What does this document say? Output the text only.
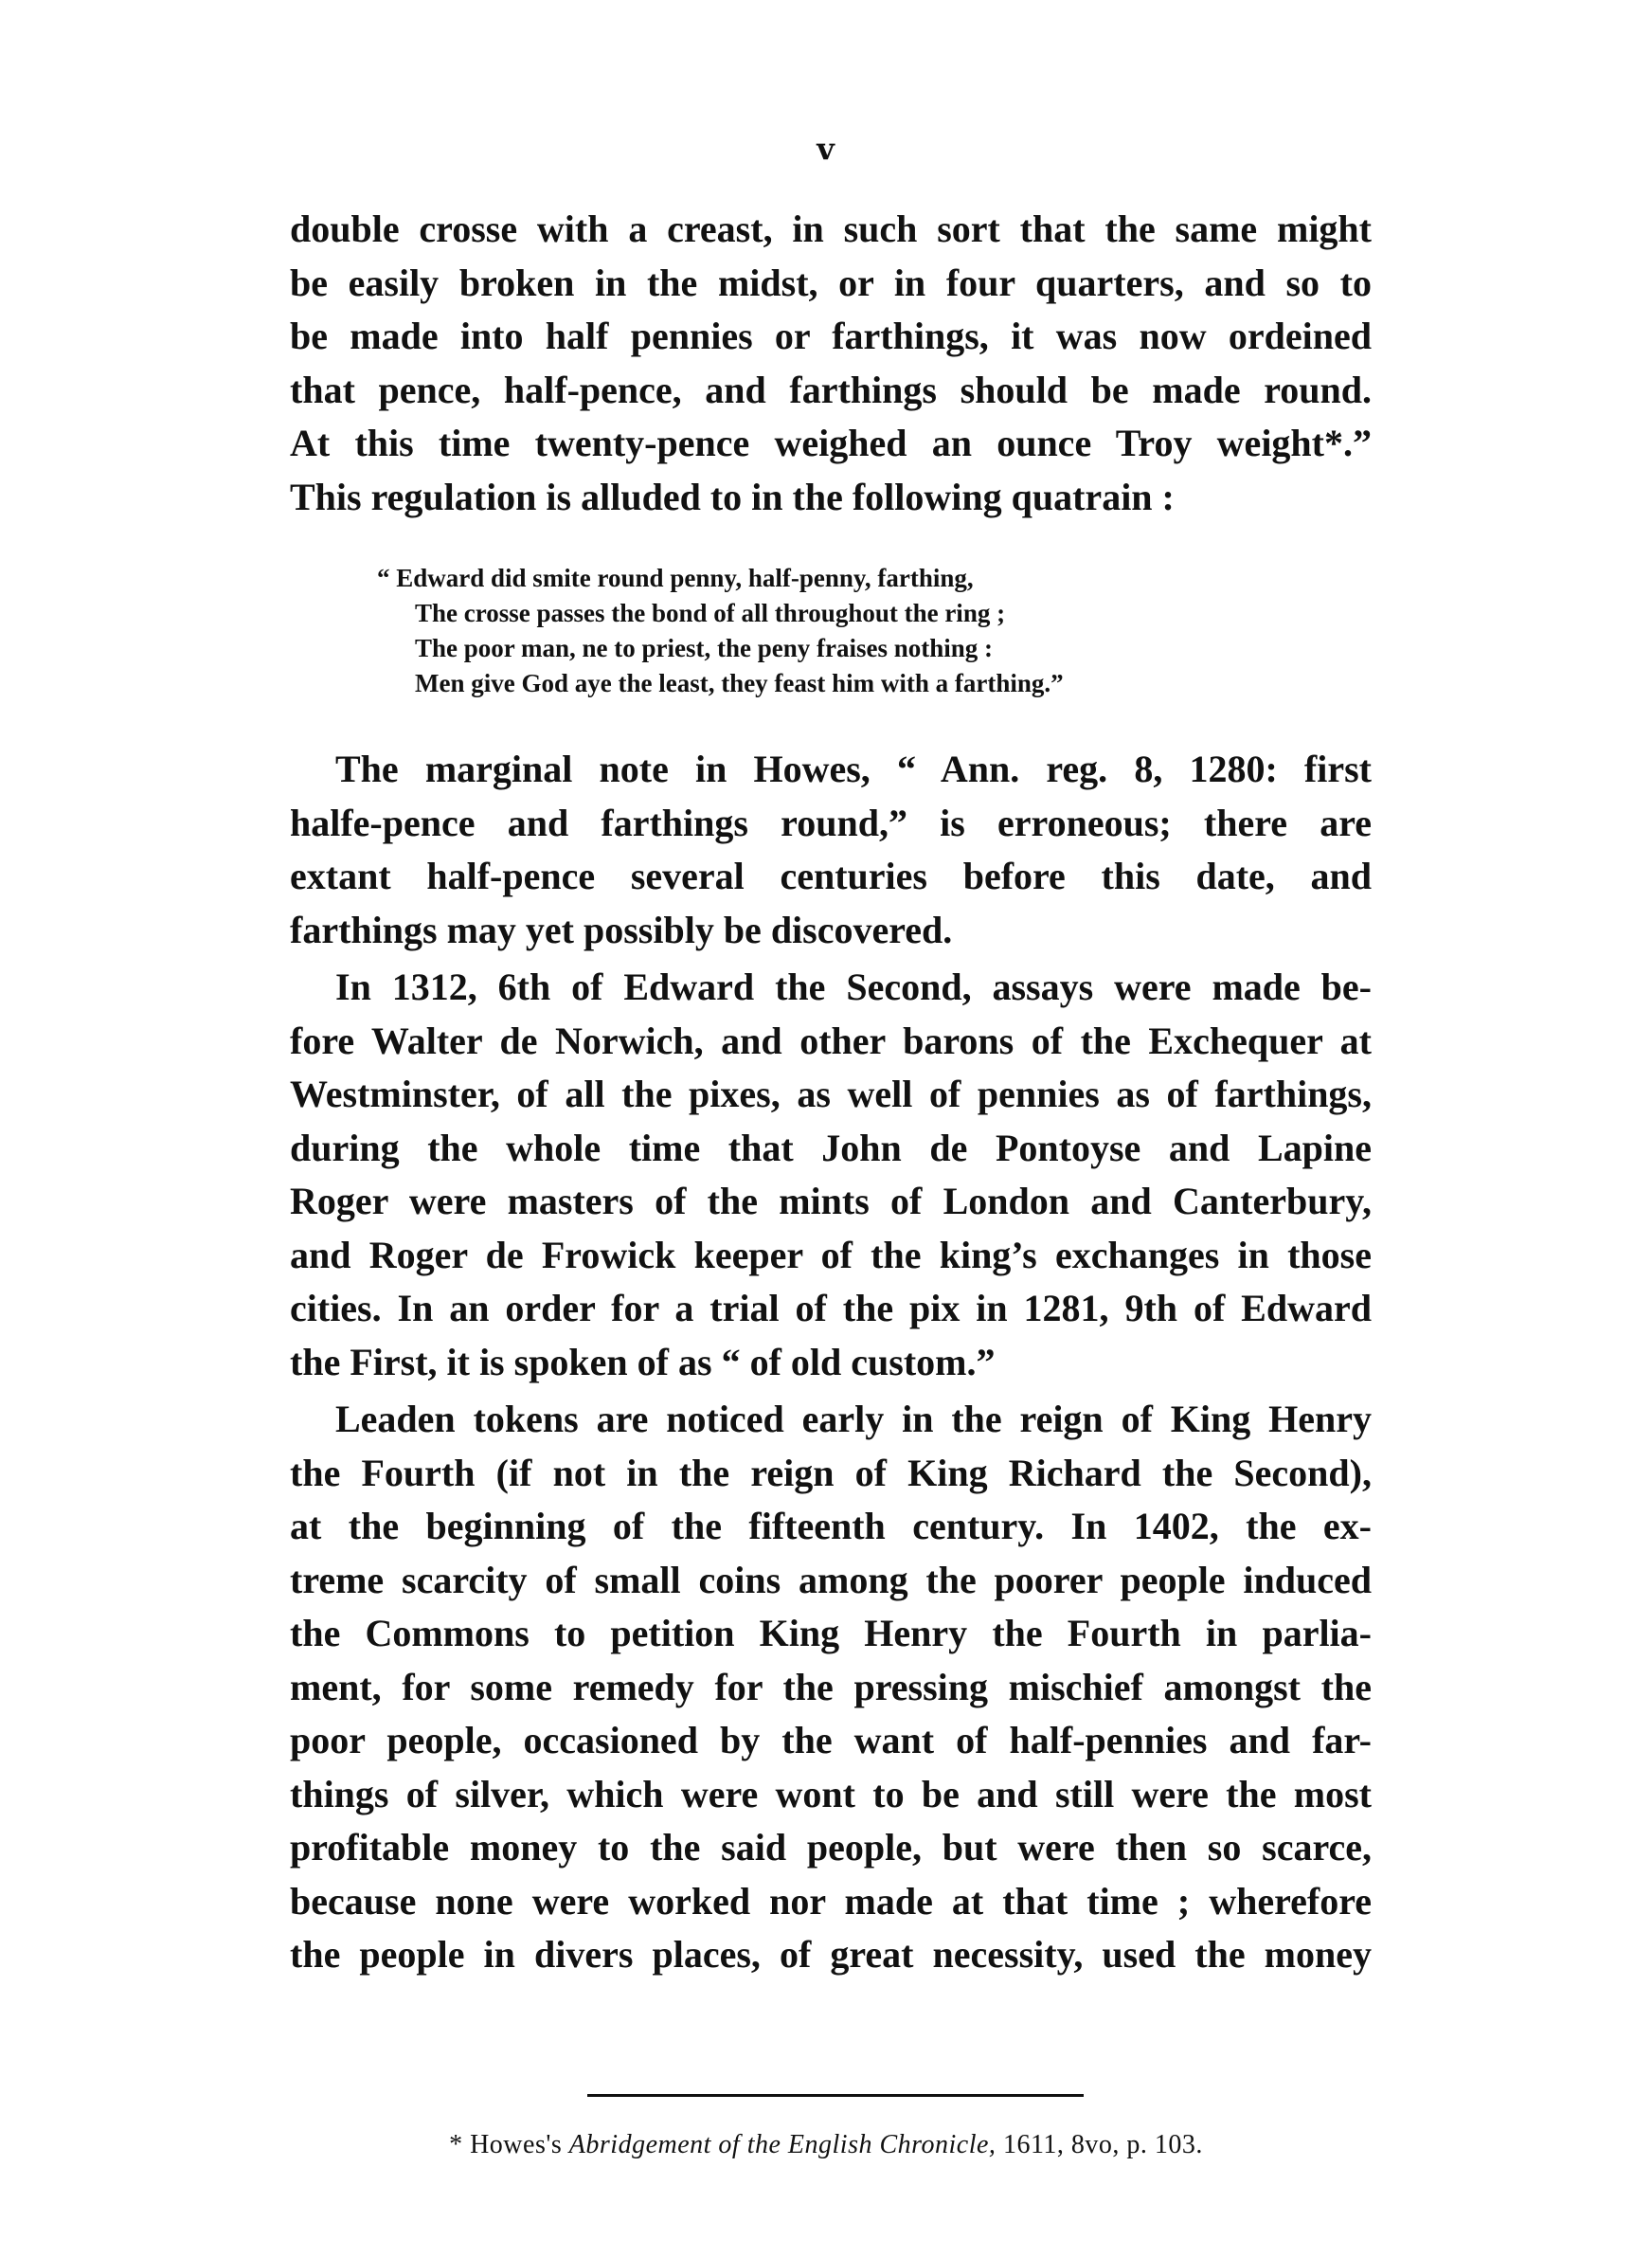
v
double crosse with a creast, in such sort that the same might
be easily broken in the midst, or in four quarters, and so to
be made into half pennies or farthings, it was now ordeined
that pence, half-pence, and farthings should be made round.
At this time twenty-pence weighed an ounce Troy weight*.”
This regulation is alluded to in the following quatrain :
“ Edward did smite round penny, half-penny, farthing,
The crosse passes the bond of all throughout the ring ;
The poor man, ne to priest, the peny fraises nothing :
Men give God aye the least, they feast him with a farthing.”
The marginal note in Howes, “ Ann. reg. 8, 1280: first
halfe-pence and farthings round,” is erroneous; there are
extant half-pence several centuries before this date, and
farthings may yet possibly be discovered.
In 1312, 6th of Edward the Second, assays were made be-
fore Walter de Norwich, and other barons of the Exchequer at
Westminster, of all the pixes, as well of pennies as of farthings,
during the whole time that John de Pontoyse and Lapine
Roger were masters of the mints of London and Canterbury,
and Roger de Frowick keeper of the king’s exchanges in those
cities. In an order for a trial of the pix in 1281, 9th of Edward
the First, it is spoken of as “ of old custom.”
Leaden tokens are noticed early in the reign of King Henry
the Fourth (if not in the reign of King Richard the Second),
at the beginning of the fifteenth century. In 1402, the ex-
treme scarcity of small coins among the poorer people induced
the Commons to petition King Henry the Fourth in parlia-
ment, for some remedy for the pressing mischief amongst the
poor people, occasioned by the want of half-pennies and far-
things of silver, which were wont to be and still were the most
profitable money to the said people, but were then so scarce,
because none were worked nor made at that time ; wherefore
the people in divers places, of great necessity, used the money
* Howes's Abridgement of the English Chronicle, 1611, 8vo, p. 103.
